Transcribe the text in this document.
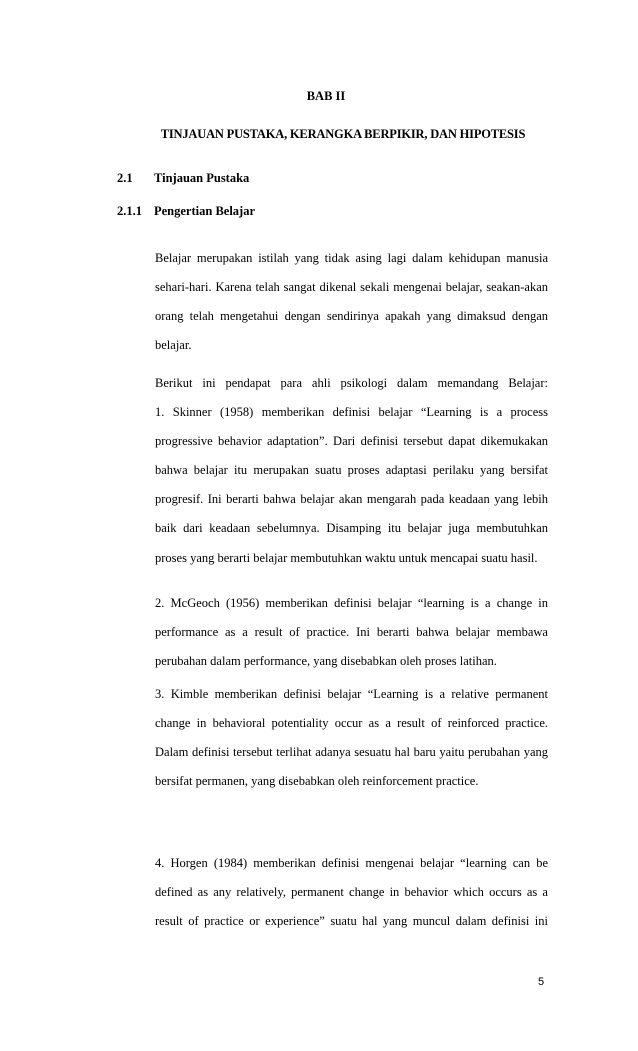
BAB II
TINJAUAN PUSTAKA, KERANGKA BERPIKIR, DAN HIPOTESIS
2.1 Tinjauan Pustaka
2.1.1 Pengertian Belajar
Belajar merupakan istilah yang tidak asing lagi dalam kehidupan manusia
sehari-hari. Karena telah sangat dikenal sekali mengenai belajar, seakan-akan
orang telah mengetahui dengan sendirinya apakah yang dimaksud dengan
belajar.
Berikut ini pendapat para ahli psikologi dalam memandang Belajar:
1. Skinner (1958) memberikan definisi belajar “Learning is a process
progressive behavior adaptation”. Dari definisi tersebut dapat dikemukakan
bahwa belajar itu merupakan suatu proses adaptasi perilaku yang bersifat
progresif. Ini berarti bahwa belajar akan mengarah pada keadaan yang lebih
baik dari keadaan sebelumnya. Disamping itu belajar juga membutuhkan
proses yang berarti belajar membutuhkan waktu untuk mencapai suatu hasil.
2. McGeoch (1956) memberikan definisi belajar “learning is a change in
performance as a result of practice. Ini berarti bahwa belajar membawa
perubahan dalam performance, yang disebabkan oleh proses latihan.
3. Kimble memberikan definisi belajar “Learning is a relative permanent
change in behavioral potentiality occur as a result of reinforced practice.
Dalam definisi tersebut terlihat adanya sesuatu hal baru yaitu perubahan yang
bersifat permanen, yang disebabkan oleh reinforcement practice.
4. Horgen (1984) memberikan definisi mengenai belajar “learning can be
defined as any relatively, permanent change in behavior which occurs as a
result of practice or experience” suatu hal yang muncul dalam definisi ini
5
